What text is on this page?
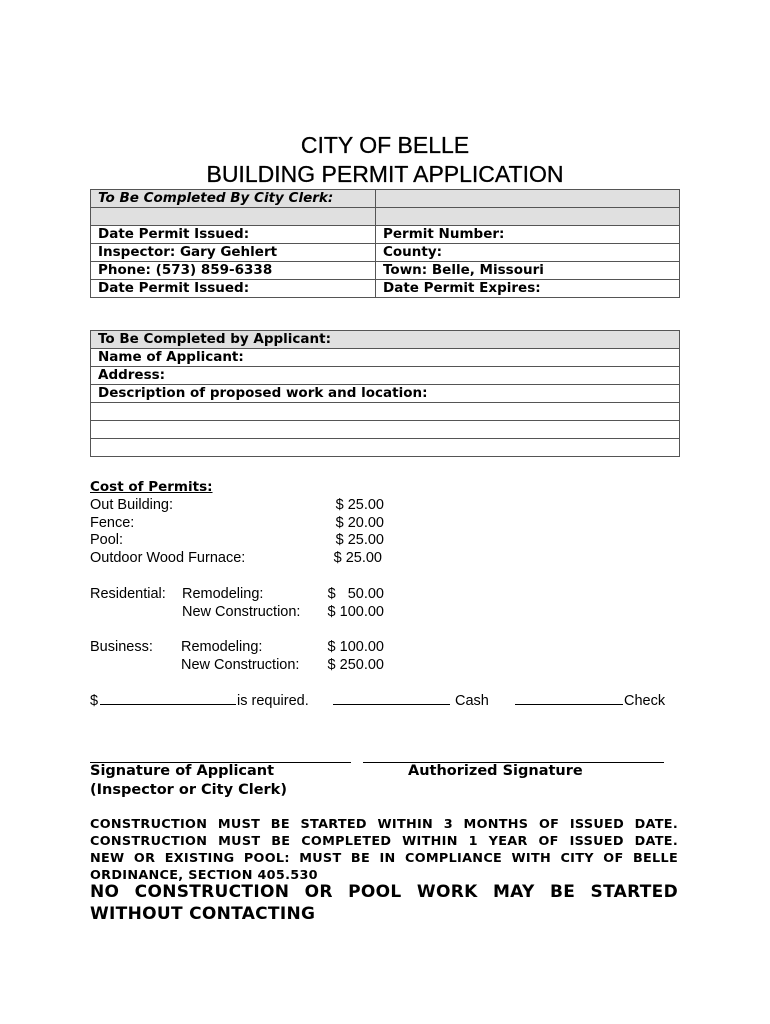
CITY OF BELLE
BUILDING PERMIT APPLICATION
To Be Completed By City Clerk:	

Date Permit Issued:	Permit Number:
Inspector: Gary Gehlert	County:
Phone: (573) 859-6338	Town: Belle, Missouri
Date Permit Issued:	Date Permit Expires:
To Be Completed by Applicant:
Name of Applicant:
Address:
Description of proposed work and location:

Cost of Permits:
Out Building:	$ 25.00
Fence:	$ 20.00
Pool:	$ 25.00
Outdoor Wood Furnace:	$ 25.00
Residential: Remodeling:	$   50.00
New Construction: $ 100.00
Business: Remodeling:	$ 100.00
New Construction: $ 250.00
$	is required.	Cash	Check
Signature of Applicant
(Inspector or City Clerk)
Authorized Signature
CONSTRUCTION MUST BE STARTED WITHIN 3 MONTHS OF ISSUED DATE.
CONSTRUCTION MUST BE COMPLETED WITHIN 1 YEAR OF ISSUED DATE.
NEW OR EXISTING POOL: MUST BE IN COMPLIANCE WITH CITY OF BELLE
ORDINANCE, SECTION 405.530
NO CONSTRUCTION OR POOL WORK MAY BE STARTED
WITHOUT CONTACTING
